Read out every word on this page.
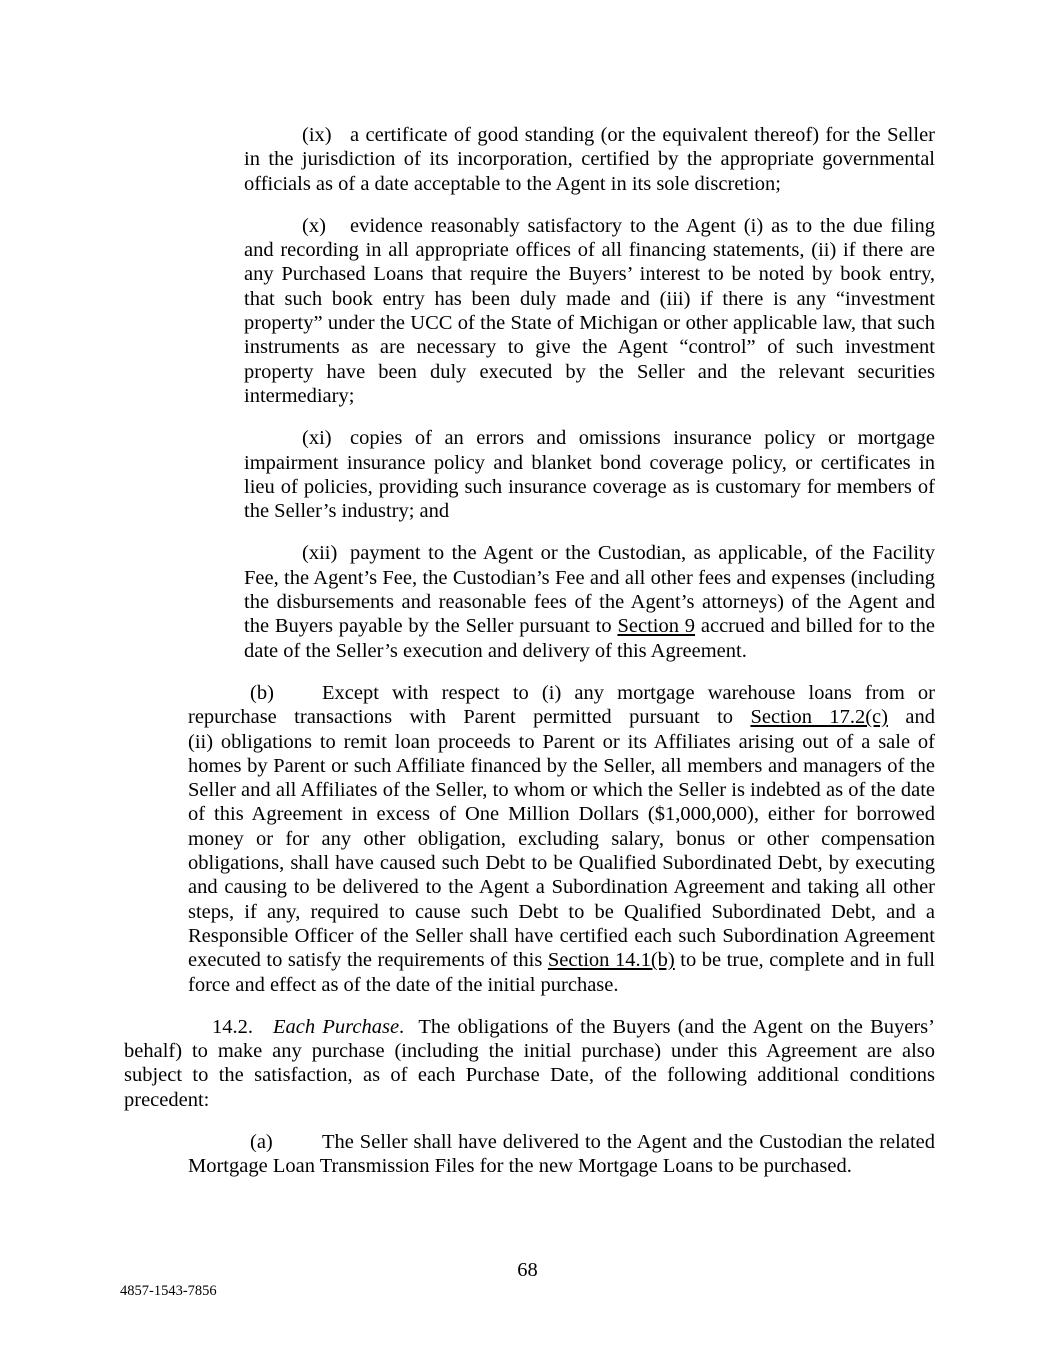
(ix) a certificate of good standing (or the equivalent thereof) for the Seller in the jurisdiction of its incorporation, certified by the appropriate governmental officials as of a date acceptable to the Agent in its sole discretion;

(x) evidence reasonably satisfactory to the Agent (i) as to the due filing and recording in all appropriate offices of all financing statements, (ii) if there are any Purchased Loans that require the Buyers’ interest to be noted by book entry, that such book entry has been duly made and (iii) if there is any “investment property” under the UCC of the State of Michigan or other applicable law, that such instruments as are necessary to give the Agent “control” of such investment property have been duly executed by the Seller and the relevant securities intermediary;

(xi) copies of an errors and omissions insurance policy or mortgage impairment insurance policy and blanket bond coverage policy, or certificates in lieu of policies, providing such insurance coverage as is customary for members of the Seller’s industry; and

(xii) payment to the Agent or the Custodian, as applicable, of the Facility Fee, the Agent’s Fee, the Custodian’s Fee and all other fees and expenses (including the disbursements and reasonable fees of the Agent’s attorneys) of the Agent and the Buyers payable by the Seller pursuant to Section 9 accrued and billed for to the date of the Seller’s execution and delivery of this Agreement.

(b) Except with respect to (i) any mortgage warehouse loans from or repurchase transactions with Parent permitted pursuant to Section 17.2(c) and (ii) obligations to remit loan proceeds to Parent or its Affiliates arising out of a sale of homes by Parent or such Affiliate financed by the Seller, all members and managers of the Seller and all Affiliates of the Seller, to whom or which the Seller is indebted as of the date of this Agreement in excess of One Million Dollars ($1,000,000), either for borrowed money or for any other obligation, excluding salary, bonus or other compensation obligations, shall have caused such Debt to be Qualified Subordinated Debt, by executing and causing to be delivered to the Agent a Subordination Agreement and taking all other steps, if any, required to cause such Debt to be Qualified Subordinated Debt, and a Responsible Officer of the Seller shall have certified each such Subordination Agreement executed to satisfy the requirements of this Section 14.1(b) to be true, complete and in full force and effect as of the date of the initial purchase.

14.2. Each Purchase.  The obligations of the Buyers (and the Agent on the Buyers’ behalf) to make any purchase (including the initial purchase) under this Agreement are also subject to the satisfaction, as of each Purchase Date, of the following additional conditions precedent:

(a) The Seller shall have delivered to the Agent and the Custodian the related Mortgage Loan Transmission Files for the new Mortgage Loans to be purchased.

68
4857-1543-7856
